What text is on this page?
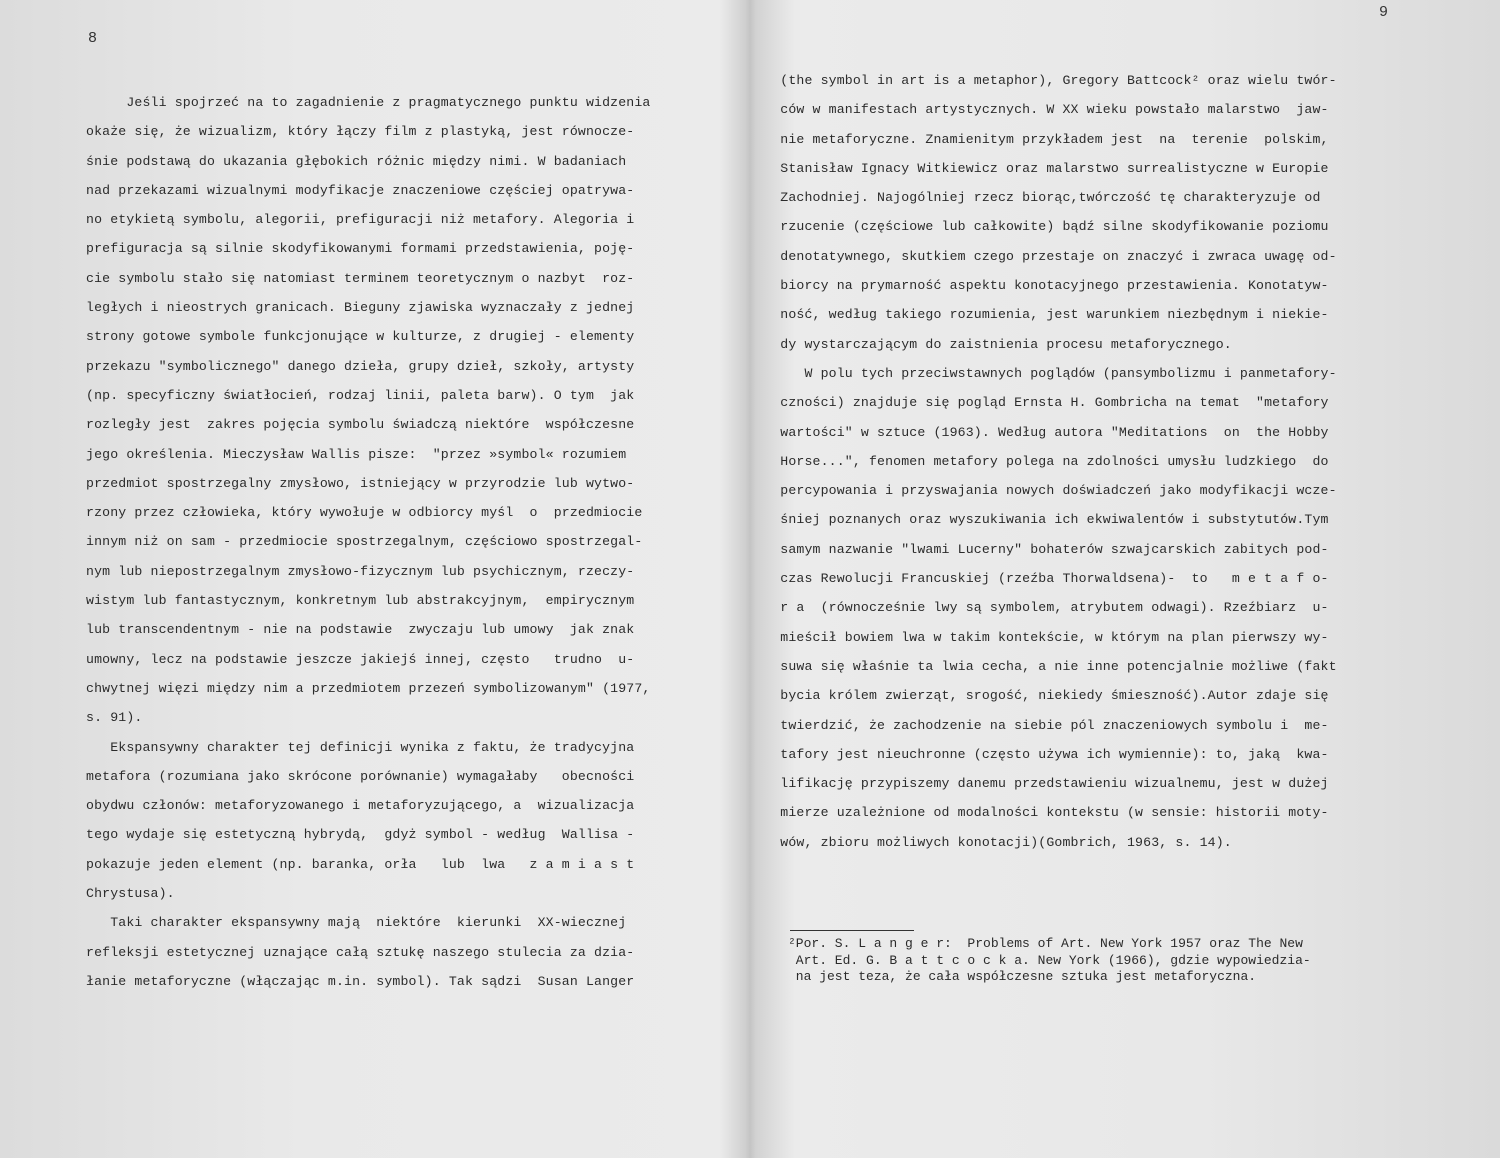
8
Jeśli spojrzeć na to zagadnienie z pragmatycznego punktu widzenia
okaże się, że wizualizm, który łączy film z plastyką, jest równocze-
śnie podstawą do ukazania głębokich różnic między nimi. W badaniach
nad przekazami wizualnymi modyfikacje znaczeniowe częściej opatrywa-
no etykietą symbolu, alegorii, prefiguracji niż metafory. Alegoria i
prefiguracja są silnie skodyfikowanymi formami przedstawienia, poję-
cie symbolu stało się natomiast terminem teoretycznym o nazbyt  roz-
ległych i nieostrych granicach. Bieguny zjawiska wyznaczały z jednej
strony gotowe symbole funkcjonujące w kulturze, z drugiej - elementy
przekazu "symbolicznego" danego dzieła, grupy dzieł, szkoły, artysty
(np. specyficzny światłocień, rodzaj linii, paleta barw). O tym  jak
rozległy jest  zakres pojęcia symbolu świadczą niektóre  współczesne
jego określenia. Mieczysław Wallis pisze:  "przez »symbol« rozumiem
przedmiot spostrzegalny zmysłowo, istniejący w przyrodzie lub wytwo-
rzony przez człowieka, który wywołuje w odbiorcy myśl  o  przedmiocie
innym niż on sam - przedmiocie spostrzegalnym, częściowo spostrzegal-
nym lub niepostrzegalnym zmysłowo-fizycznym lub psychicznym, rzeczy-
wistym lub fantastycznym, konkretnym lub abstrakcyjnym,  empirycznym
lub transcendentnym - nie na podstawie  zwyczaju lub umowy  jak znak
umowny, lecz na podstawie jeszcze jakiejś innej, często   trudno  u-
chwytnej więzi między nim a przedmiotem przezeń symbolizowanym" (1977,
s. 91).
Ekspansywny charakter tej definicji wynika z faktu, że tradycyjna
metafora (rozumiana jako skrócone porównanie) wymagałaby   obecności
obydwu członów: metaforyzowanego i metaforyzującego, a  wizualizacja
tego wydaje się estetyczną hybrydą,  gdyż symbol - według  Wallisa -
pokazuje jeden element (np. baranka, orła   lub  lwa   z a m i a s t
Chrystusa).
Taki charakter ekspansywny mają  niektóre  kierunki  XX-wiecznej
refleksji estetycznej uznające całą sztukę naszego stulecia za dzia-
łanie metaforyczne (włączając m.in. symbol). Tak sądzi  Susan Langer
9
(the symbol in art is a metaphor), Gregory Battcock² oraz wielu twór-
ców w manifestach artystycznych. W XX wieku powstało malarstwo  jaw-
nie metaforyczne. Znamienitym przykładem jest  na  terenie  polskim,
Stanisław Ignacy Witkiewicz oraz malarstwo surrealistyczne w Europie
Zachodniej. Najogólniej rzecz biorąc,twórczość tę charakteryzuje od
rzucenie (częściowe lub całkowite) bądź silne skodyfikowanie poziomu
denotatywnego, skutkiem czego przestaje on znaczyć i zwraca uwagę od-
biorcy na prymarność aspektu konotacyjnego przestawienia. Konotatyw-
ność, według takiego rozumienia, jest warunkiem niezbędnym i niekie-
dy wystarczającym do zaistnienia procesu metaforycznego.
W polu tych przeciwstawnych poglądów (pansymbolizmu i panmetafory-
czności) znajduje się pogląd Ernsta H. Gombricha na temat  "metafory
wartości" w sztuce (1963). Według autora "Meditations  on  the Hobby
Horse...", fenomen metafory polega na zdolności umysłu ludzkiego  do
percypowania i przyswajania nowych doświadczeń jako modyfikacji wcze-
śniej poznanych oraz wyszukiwania ich ekwiwalentów i substytutów.Tym
samym nazwanie "lwami Lucerny" bohaterów szwajcarskich zabitych pod-
czas Rewolucji Francuskiej (rzeźba Thorwaldsena)-  to   m e t a f o-
r a  (równocześnie lwy są symbolem, atrybutem odwagi). Rzeźbiarz  u-
mieścił bowiem lwa w takim kontekście, w którym na plan pierwszy wy-
suwa się właśnie ta lwia cecha, a nie inne potencjalnie możliwe (fakt
bycia królem zwierząt, srogość, niekiedy śmieszność).Autor zdaje się
twierdzić, że zachodzenie na siebie pól znaczeniowych symbolu i  me-
tafory jest nieuchronne (często używa ich wymiennie): to, jaką  kwa-
lifikację przypiszemy danemu przedstawieniu wizualnemu, jest w dużej
mierze uzależnione od modalności kontekstu (w sensie: historii moty-
wów, zbioru możliwych konotacji)(Gombrich, 1963, s. 14).
²Por. S. L a n g e r:  Problems of Art. New York 1957 oraz The New
Art. Ed. G. B a t t c o c k a. New York (1966), gdzie wypowiedzia-
na jest teza, że cała współczesne sztuka jest metaforyczna.
